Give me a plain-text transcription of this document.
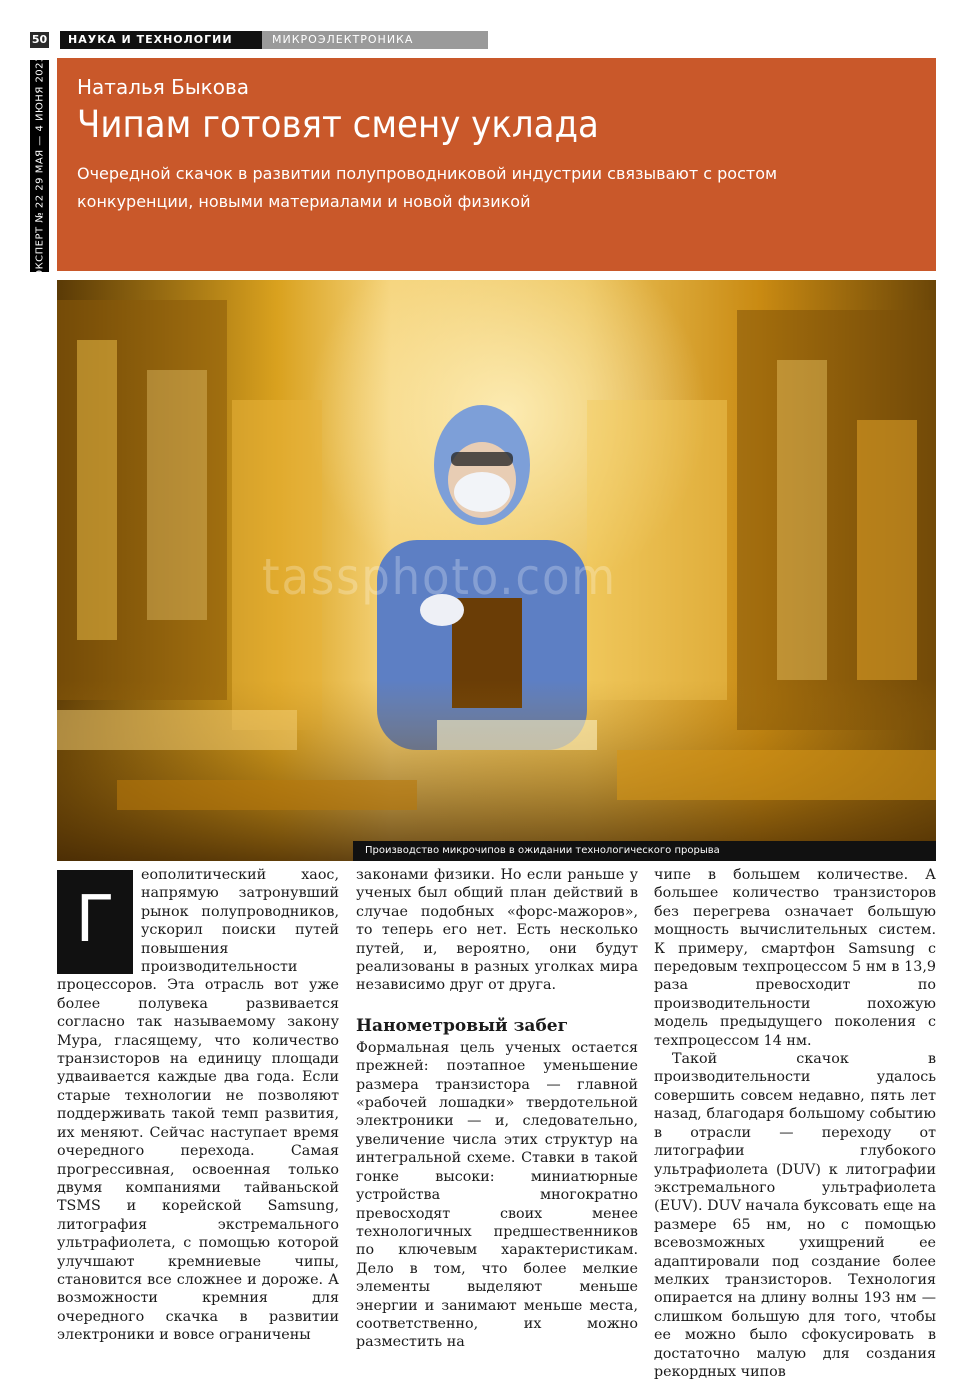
50	НАУКА И ТЕХНОЛОГИИ	МИКРОЭЛЕКТРОНИКА
ЭКСПЕРТ № 22 29 МАЯ — 4 ИЮНЯ 2023 Наталья Быкова

Чипам готовят смену уклада

Очередной скачок в развитии полупроводниковой индустрии связывают с ростом конкуренции, новыми материалами и новой физикой

tassphoto.com
Производство микрочипов в ожидании технологического прорыва
Г

еополитический хаос, напрямую затронувший рынок полупроводников, ускорил поиски путей повышения производительности процессоров. Эта отрасль вот уже более полувека развивается согласно так называемому закону Мура, гласящему, что количество транзисторов на единицу площади удваивается каждые два года. Если старые технологии не позволяют поддерживать такой темп развития, их меняют. Сейчас наступает время очередного перехода. Самая прогрессивная, освоенная только двумя компаниями тайваньской TSMS и корейской Samsung, литография экстремального ультрафиолета, с помощью которой улучшают кремниевые чипы, становится все сложнее и дороже. А возможности кремния для очередного скачка в развитии электроники и вовсе ограничены

законами физики. Но если раньше у ученых был общий план действий в случае подобных «форс-мажоров», то теперь его нет. Есть несколько путей, и, вероятно, они будут реализованы в разных уголках мира независимо друг от друга.

Нанометровый забег

Формальная цель ученых остается прежней: поэтапное уменьшение размера транзистора — главной «рабочей лошадки» твердотельной электроники — и, следовательно, увеличение числа этих структур на интегральной схеме. Ставки в такой гонке высоки: миниатюрные устройства многократно превосходят своих менее технологичных предшественников по ключевым характеристикам. Дело в том, что более мелкие элементы выделяют меньше энергии и занимают меньше места, соответственно, их можно разместить на

чипе в большем количестве. А большее количество транзисторов без перегрева означает большую мощность вычислительных систем. К примеру, смартфон Samsung с передовым техпроцессом 5 нм в 13,9 раза превосходит по производительности похожую модель предыдущего поколения с техпроцессом 14 нм.

Такой скачок в производительности удалось совершить совсем недавно, пять лет назад, благодаря большому событию в отрасли — переходу от литографии глубокого ультрафиолета (DUV) к литографии экстремального ультрафиолета (EUV). DUV начала буксовать еще на размере 65 нм, но с помощью всевозможных ухищрений ее адаптировали под создание более мелких транзисторов. Технология опирается на длину волны 193 нм — слишком большую для того, чтобы ее можно было сфокусировать в достаточно малую для создания рекордных чипов
